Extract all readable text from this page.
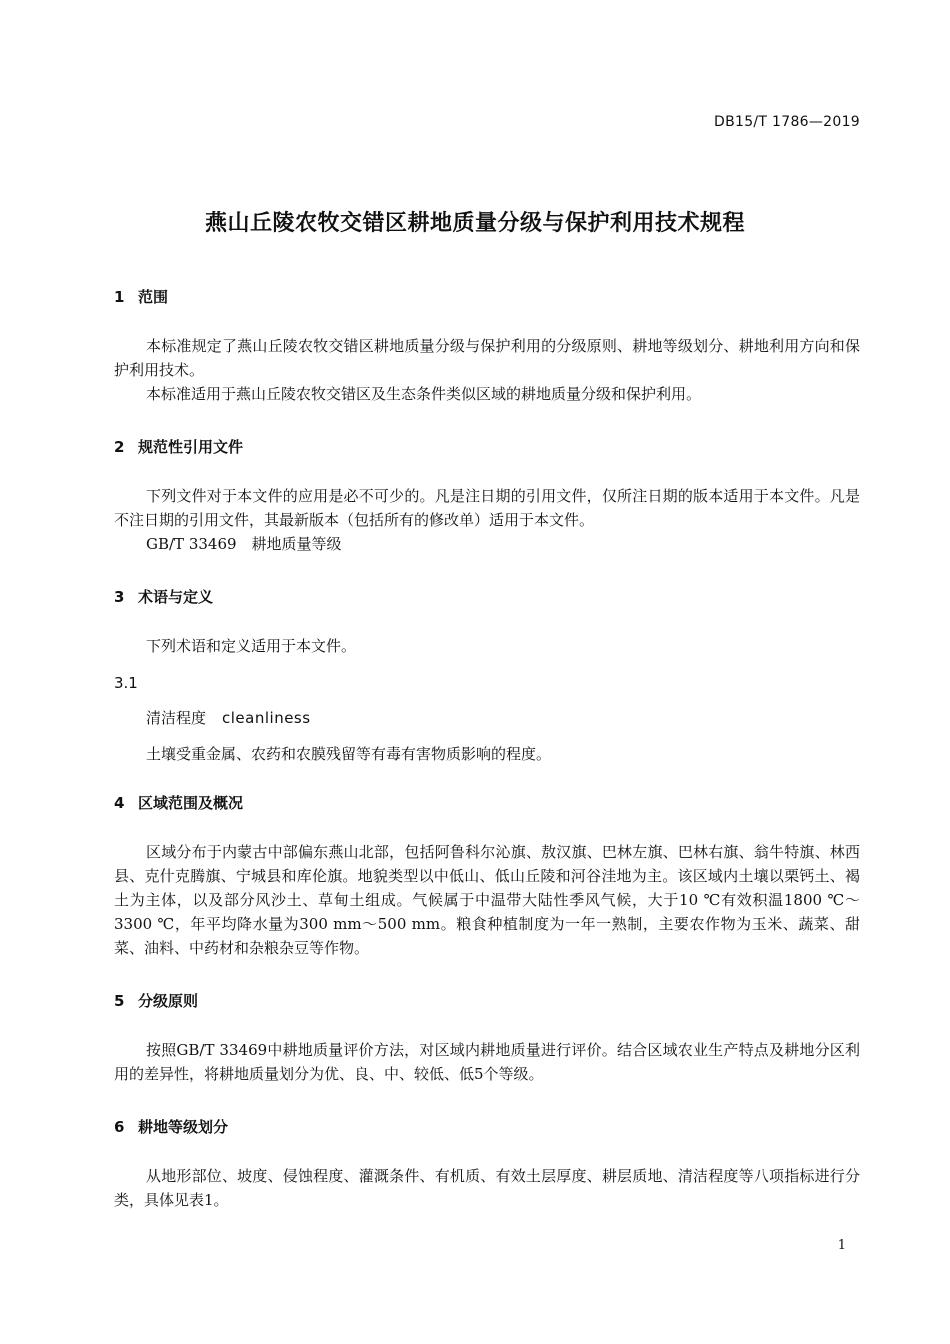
DB15/T 1786—2019
燕山丘陵农牧交错区耕地质量分级与保护利用技术规程
1 范围

本标准规定了燕山丘陵农牧交错区耕地质量分级与保护利用的分级原则、耕地等级划分、耕地利用方向和保护利用技术。

本标准适用于燕山丘陵农牧交错区及生态条件类似区域的耕地质量分级和保护利用。

2 规范性引用文件

下列文件对于本文件的应用是必不可少的。凡是注日期的引用文件，仅所注日期的版本适用于本文件。凡是不注日期的引用文件，其最新版本（包括所有的修改单）适用于本文件。

GB/T 33469　耕地质量等级

3 术语与定义

下列术语和定义适用于本文件。

3.1
清洁程度 cleanliness

土壤受重金属、农药和农膜残留等有毒有害物质影响的程度。

4 区域范围及概况

区域分布于内蒙古中部偏东燕山北部，包括阿鲁科尔沁旗、敖汉旗、巴林左旗、巴林右旗、翁牛特旗、林西县、克什克腾旗、宁城县和库伦旗。地貌类型以中低山、低山丘陵和河谷洼地为主。该区域内土壤以栗钙土、褐土为主体，以及部分风沙土、草甸土组成。气候属于中温带大陆性季风气候，大于10 ℃有效积温1800 ℃～3300 ℃，年平均降水量为300 mm～500 mm。粮食种植制度为一年一熟制，主要农作物为玉米、蔬菜、甜菜、油料、中药材和杂粮杂豆等作物。

5 分级原则

按照GB/T 33469中耕地质量评价方法，对区域内耕地质量进行评价。结合区域农业生产特点及耕地分区利用的差异性，将耕地质量划分为优、良、中、较低、低5个等级。

6 耕地等级划分

从地形部位、坡度、侵蚀程度、灌溉条件、有机质、有效土层厚度、耕层质地、清洁程度等八项指标进行分类，具体见表1。

1
